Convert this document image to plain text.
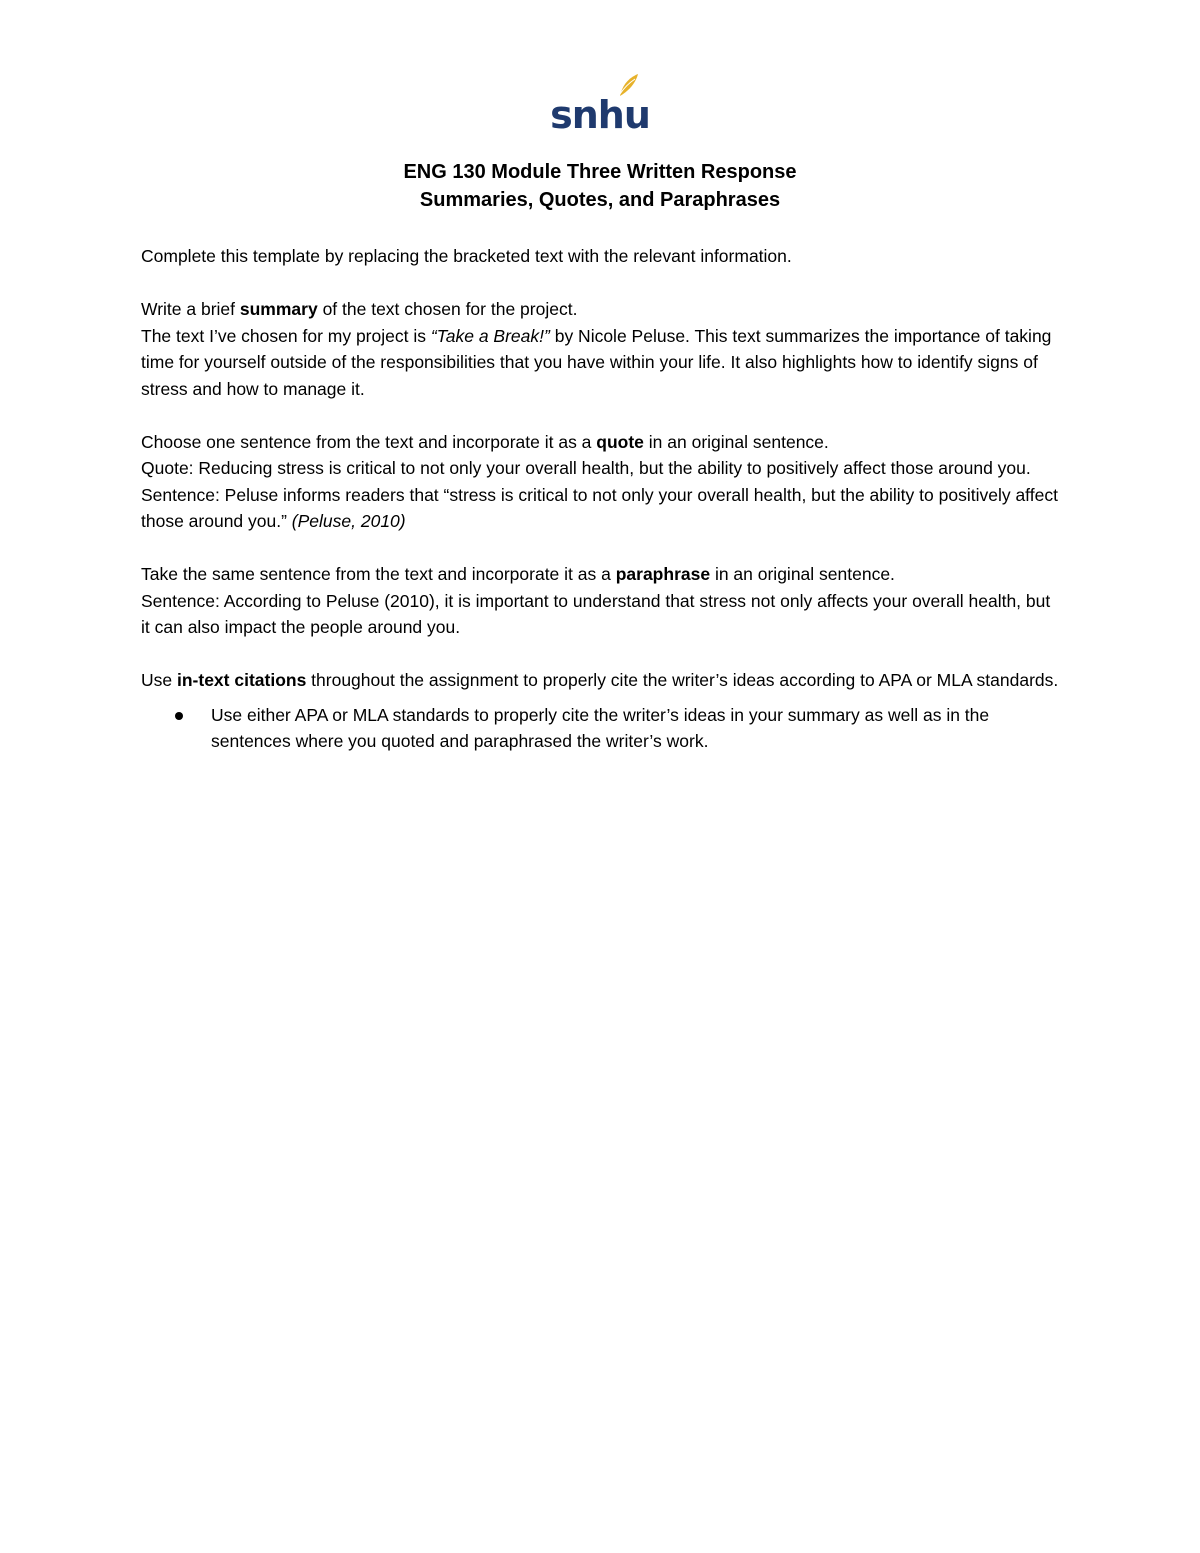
snhu
ENG 130 Module Three Written Response
Summaries, Quotes, and Paraphrases

Complete this template by replacing the bracketed text with the relevant information.

Write a brief summary of the text chosen for the project.
The text I’ve chosen for my project is “Take a Break!” by Nicole Peluse. This text summarizes the importance of taking time for yourself outside of the responsibilities that you have within your life. It also highlights how to identify signs of stress and how to manage it.

Choose one sentence from the text and incorporate it as a quote in an original sentence.
Quote: Reducing stress is critical to not only your overall health, but the ability to positively affect those around you.
Sentence: Peluse informs readers that “stress is critical to not only your overall health, but the ability to positively affect those around you.” (Peluse, 2010)

Take the same sentence from the text and incorporate it as a paraphrase in an original sentence.
Sentence: According to Peluse (2010), it is important to understand that stress not only affects your overall health, but it can also impact the people around you.

Use in-text citations throughout the assignment to properly cite the writer’s ideas according to APA or MLA standards.
Use either APA or MLA standards to properly cite the writer’s ideas in your summary as well as in the sentences where you quoted and paraphrased the writer’s work.
